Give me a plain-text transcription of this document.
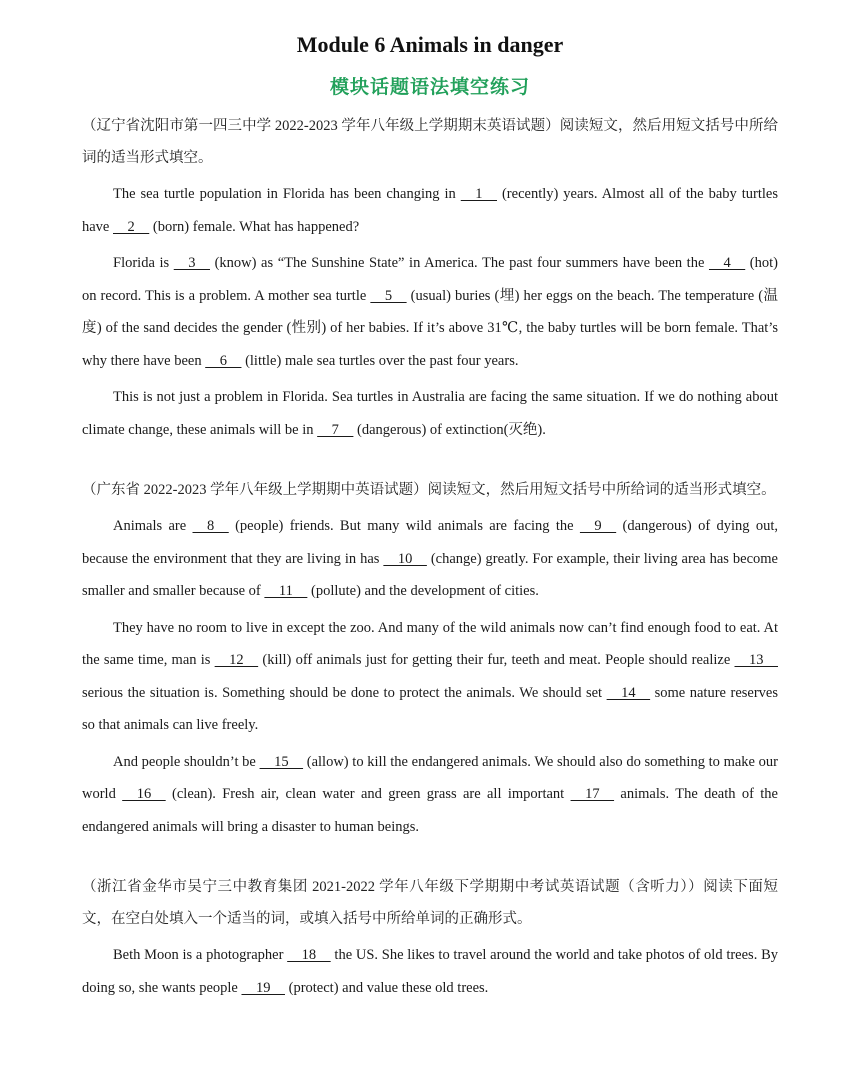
Module 6 Animals in danger
模块话题语法填空练习
（辽宁省沈阳市第一四三中学 2022-2023 学年八年级上学期期末英语试题）阅读短文，然后用短文括号中所给词的适当形式填空。
The sea turtle population in Florida has been changing in     1     (recently) years. Almost all of the baby turtles have     2     (born) female. What has happened?
Florida is     3     (know) as “The Sunshine State” in America. The past four summers have been the     4     (hot) on record. This is a problem. A mother sea turtle     5     (usual) buries (埋) her eggs on the beach. The temperature (温度) of the sand decides the gender (性别) of her babies. If it’s above 31℃, the baby turtles will be born female. That’s why there have been     6     (little) male sea turtles over the past four years.
This is not just a problem in Florida. Sea turtles in Australia are facing the same situation. If we do nothing about climate change, these animals will be in     7     (dangerous) of extinction(灭绝).
（广东省 2022-2023 学年八年级上学期期中英语试题）阅读短文，然后用短文括号中所给词的适当形式填空。
Animals are     8     (people) friends. But many wild animals are facing the     9     (dangerous) of dying out, because the environment that they are living in has     10     (change) greatly. For example, their living area has become smaller and smaller because of     11     (pollute) and the development of cities.
They have no room to live in except the zoo. And many of the wild animals now can’t find enough food to eat. At the same time, man is     12     (kill) off animals just for getting their fur, teeth and meat. People should realize     13     serious the situation is. Something should be done to protect the animals. We should set     14     some nature reserves so that animals can live freely.
And people shouldn’t be     15     (allow) to kill the endangered animals. We should also do something to make our world     16     (clean). Fresh air, clean water and green grass are all important     17     animals. The death of the endangered animals will bring a disaster to human beings.
（浙江省金华市吴宁三中教育集团 2021-2022 学年八年级下学期期中考试英语试题（含听力））阅读下面短文，在空白处填入一个适当的词，或填入括号中所给单词的正确形式。
Beth Moon is a photographer     18     the US. She likes to travel around the world and take photos of old trees. By doing so, she wants people     19     (protect) and value these old trees.
